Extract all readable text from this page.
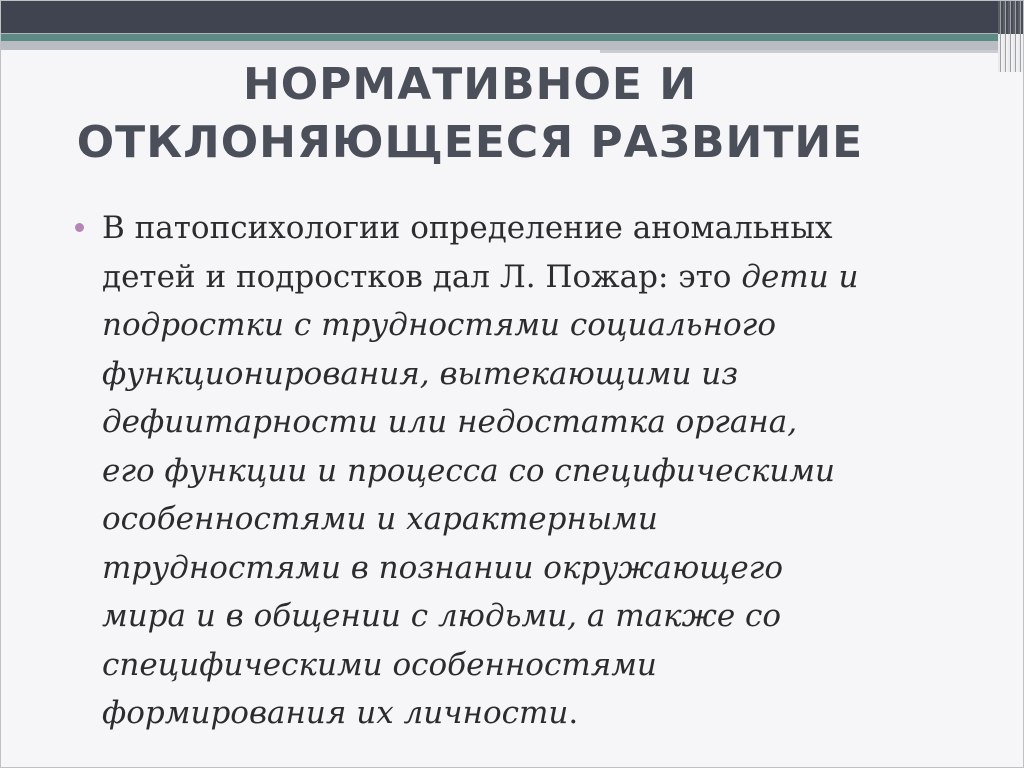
НОРМАТИВНОЕ И
ОТКЛОНЯЮЩЕЕСЯ РАЗВИТИЕ
В патопсихологии определение аномальных
детей и подростков дал Л. Пожар: это дети и
подростки с трудностями социального
функционирования, вытекающими из
дефиитарности или недостатка органа,
его функции и процесса со специфическими
особенностями и характерными
трудностями в познании окружающего
мира и в общении с людьми, а также со
специфическими особенностями
формирования их личности.
